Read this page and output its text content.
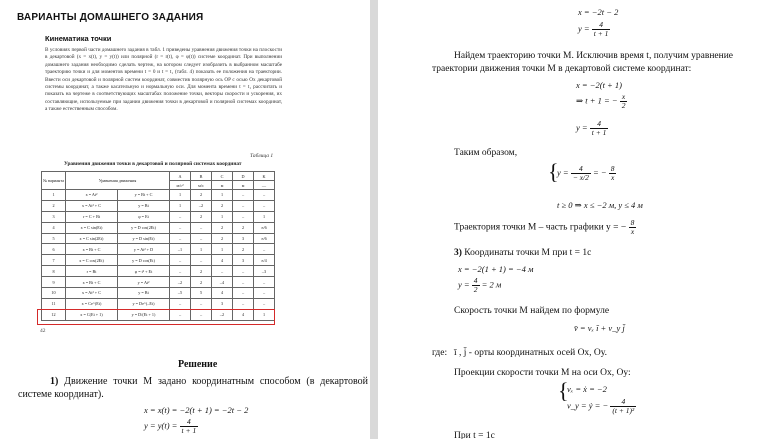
ВАРИАНТЫ ДОМАШНЕГО ЗАДАНИЯ
Кинематика точки
В условиях первой части домашнего задания в табл. 1 приведены уравнения движения точки на плоскости в декартовой (x = x(t), y = y(t)) или полярной (r = r(t), φ = φ(t)) системе координат. При выполнении домашнего задания необходимо сделать чертеж, на котором следует изобразить в выбранном масштабе траекторию точки и для моментов времени t = 0 и t = t₁ (табл. 4) показать ее положения на траектории. Ввести оси декартовой и полярной систем координат, совместив полярную ось OP с осью Ox декартовой системы координат, а также касательную и нормальную оси. Для момента времени t = t₁ рассчитать и показать на чертеже в соответствующих масштабах положение точки, векторы скорости и ускорения, их составляющие, используемые при задании движения точки в декартовой и полярной системах координат, а также естественным способом.
Таблица 1
Уравнения движения точки в декартовой и полярной системах координат
№ варианта	Уравнения движения		A	B	C	D	K
			м/с²	м/с	м	м	—
1	x = At²	y = Bt + C	1	2	1	–	–
2	x = At² + C	y = Bt	1	–2	2	–	–
3	r = C + Bt	φ = Et	–	2	1	–	1
4	x = C sin(Et)	y = D cos(2Et)	–	–	2	2	π/6
5	x = C sin(2Et)	y = D sin(Et)	–	–	2	3	π/6
6	x = Bt + C	y = At² + D	–1	1	1	2	–
7	x = C cos(2Et)	y = D cos(Et)	–	–	4	3	π/4
8	r = Bt	φ = t² + Et	–	2	–	–	–3
9	x = Bt + C	y = At²	–2	2	–4	–	–
10	x = At² + C	y = Bt	–5	5	4	–	–
11	x = Ce^(Et)	y = De^(–Et)	–	–	3	–	–
12	x = C(Et + 1)	y = D/(Et + 1)	–	–	–2	4	1
42
Решение
1) Движение точки М задано координатным способом (в декартовой системе координат).
x = x(t) = −2(t + 1) = −2t − 2
$y = y(t) = \frac{4}{t + 1}$
x = −2t − 2
$y = \frac{4}{t + 1}$
Найдем траекторию точки М. Исключив время t, получим уравнение траектории движения точки М в декартовой системе координат:
x = −2(t + 1)
⇒ t + 1 = − $\frac{x}{2}$
$y = \frac{4}{t + 1}$
Таким образом,
{
$y = \frac{4}{- x/2}$ = − $\frac{8}{x}$
t ≥ 0 ⇒ x ≤ −2 м, y ≤ 4 м
Траектория точки М – часть графики y = − $\frac{8}{x}$
3) Координаты точки М при t = 1с
x = −2(1 + 1) = −4 м
$y = \frac{4}{2} = 2$ м
Скорость точки М найдем по формуле
v̄ = vₓ ī + v_y j̄
где: ī , j̄ - орты координатных осей Ох, Оу.
Проекции скорости точки М на оси Ох, Оу:
{
vₓ = ẋ = −2
v_y = ẏ = − $\frac{4}{\text{(t + 1)²}}$
При t = 1с
